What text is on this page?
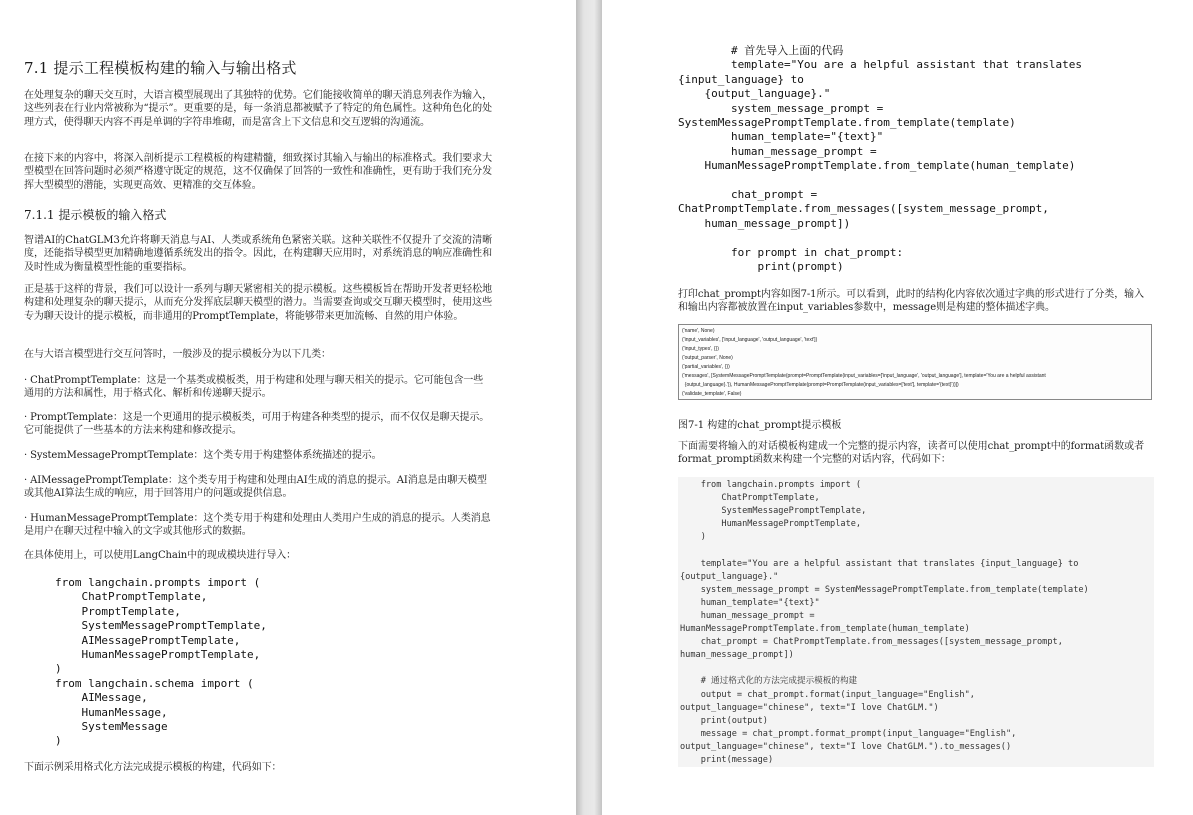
7.1 提示工程模板构建的输入与输出格式

在处理复杂的聊天交互时，大语言模型展现出了其独特的优势。它们能接收简单的聊天消息列表作为输入，这些列表在行业内常被称为“提示”。更重要的是，每一条消息都被赋予了特定的角色属性。这种角色化的处理方式，使得聊天内容不再是单调的字符串堆砌，而是富含上下文信息和交互逻辑的沟通流。

在接下来的内容中，将深入剖析提示工程模板的构建精髓，细致探讨其输入与输出的标准格式。我们要求大型模型在回答问题时必须严格遵守既定的规范，这不仅确保了回答的一致性和准确性，更有助于我们充分发挥大型模型的潜能，实现更高效、更精准的交互体验。

7.1.1 提示模板的输入格式

智谱AI的ChatGLM3允许将聊天消息与AI、人类或系统角色紧密关联。这种关联性不仅提升了交流的清晰度，还能指导模型更加精确地遵循系统发出的指令。因此，在构建聊天应用时，对系统消息的响应准确性和及时性成为衡量模型性能的重要指标。

正是基于这样的背景，我们可以设计一系列与聊天紧密相关的提示模板。这些模板旨在帮助开发者更轻松地构建和处理复杂的聊天提示，从而充分发挥底层聊天模型的潜力。当需要查询或交互聊天模型时，使用这些专为聊天设计的提示模板，而非通用的PromptTemplate，将能够带来更加流畅、自然的用户体验。

在与大语言模型进行交互问答时，一般涉及的提示模板分为以下几类：

· ChatPromptTemplate：这是一个基类或模板类，用于构建和处理与聊天相关的提示。它可能包含一些通用的方法和属性，用于格式化、解析和传递聊天提示。

· PromptTemplate：这是一个更通用的提示模板类，可用于构建各种类型的提示，而不仅仅是聊天提示。它可能提供了一些基本的方法来构建和修改提示。

· SystemMessagePromptTemplate：这个类专用于构建整体系统描述的提示。

· AIMessagePromptTemplate：这个类专用于构建和处理由AI生成的消息的提示。AI消息是由聊天模型或其他AI算法生成的响应，用于回答用户的问题或提供信息。

· HumanMessagePromptTemplate：这个类专用于构建和处理由人类用户生成的消息的提示。人类消息是用户在聊天过程中输入的文字或其他形式的数据。

在具体使用上，可以使用LangChain中的现成模块进行导入：

from langchain.prompts import (
ChatPromptTemplate,
PromptTemplate,
SystemMessagePromptTemplate,
AIMessagePromptTemplate,
HumanMessagePromptTemplate,
)
from langchain.schema import (
AIMessage,
HumanMessage,
SystemMessage
)

下面示例采用格式化方法完成提示模板的构建，代码如下：

# 首先导入上面的代码
template="You are a helpful assistant that translates
{input_language} to
{output_language}."
system_message_prompt =
SystemMessagePromptTemplate.from_template(template)
human_template="{text}"
human_message_prompt =
HumanMessagePromptTemplate.from_template(human_template)

chat_prompt =
ChatPromptTemplate.from_messages([system_message_prompt,
human_message_prompt])

for prompt in chat_prompt:
print(prompt)

打印chat_prompt内容如图7-1所示。可以看到，此时的结构化内容依次通过字典的形式进行了分类，输入和输出内容都被放置在input_variables参数中，message则是构建的整体描述字典。

('name', None)
('input_variables', ['input_language', 'output_language', 'text'])
('input_types', {})
('output_parser', None)
('partial_variables', {})
('messages', [SystemMessagePromptTemplate(prompt=PromptTemplate(input_variables=['input_language', 'output_language'], template='You are a helpful assistant
{output_language}.')), HumanMessagePromptTemplate(prompt=PromptTemplate(input_variables=['text'], template='{text}'))])
('validate_template', False)

图7-1 构建的chat_prompt提示模板

下面需要将输入的对话模板构建成一个完整的提示内容，读者可以使用chat_prompt中的format函数或者format_prompt函数来构建一个完整的对话内容，代码如下：

from langchain.prompts import (
ChatPromptTemplate,
SystemMessagePromptTemplate,
HumanMessagePromptTemplate,
)

template="You are a helpful assistant that translates {input_language} to
{output_language}."
system_message_prompt = SystemMessagePromptTemplate.from_template(template)
human_template="{text}"
human_message_prompt =
HumanMessagePromptTemplate.from_template(human_template)
chat_prompt = ChatPromptTemplate.from_messages([system_message_prompt,
human_message_prompt])

# 通过格式化的方法完成提示模板的构建
output = chat_prompt.format(input_language="English",
output_language="chinese", text="I love ChatGLM.")
print(output)
message = chat_prompt.format_prompt(input_language="English",
output_language="chinese", text="I love ChatGLM.").to_messages()
print(message)
